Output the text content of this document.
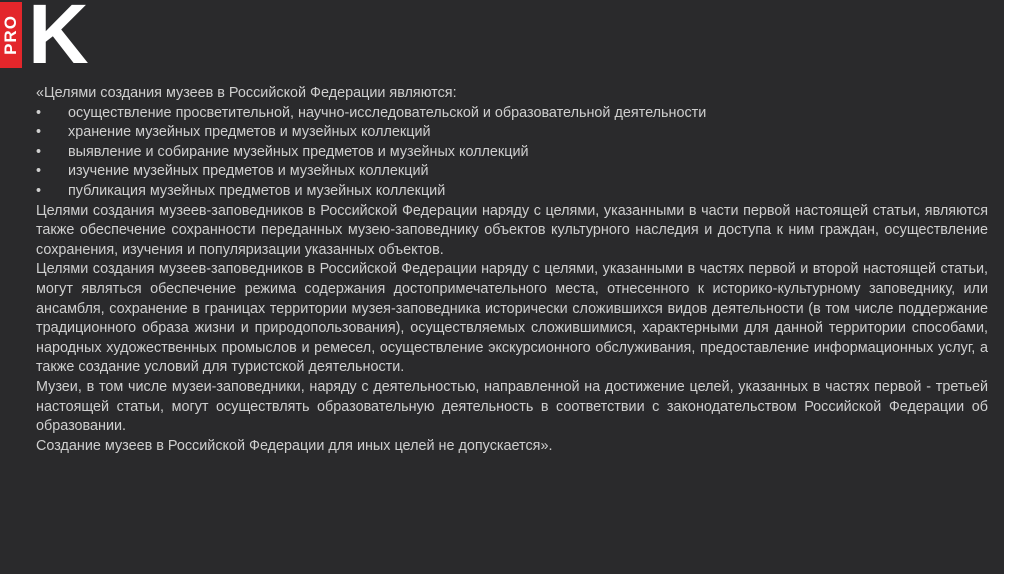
PRO K

«Целями создания музеев в Российской Федерации являются:

•	осуществление просветительной, научно-исследовательской и образовательной деятельности
•	хранение музейных предметов и музейных коллекций
•	выявление и собирание музейных предметов и музейных коллекций
•	изучение музейных предметов и музейных коллекций
•	публикация музейных предметов и музейных коллекций

Целями создания музеев-заповедников в Российской Федерации наряду с целями, указанными в части первой настоящей статьи, являются также обеспечение сохранности переданных музею-заповеднику объектов культурного наследия и доступа к ним граждан, осуществление сохранения, изучения и популяризации указанных объектов.

Целями создания музеев-заповедников в Российской Федерации наряду с целями, указанными в частях первой и второй настоящей статьи, могут являться обеспечение режима содержания достопримечательного места, отнесенного к историко-культурному заповеднику, или ансамбля, сохранение в границах территории музея-заповедника исторически сложившихся видов деятельности (в том числе поддержание традиционного образа жизни и природопользования), осуществляемых сложившимися, характерными для данной территории способами, народных художественных промыслов и ремесел, осуществление экскурсионного обслуживания, предоставление информационных услуг, а также создание условий для туристской деятельности.

Музеи, в том числе музеи-заповедники, наряду с деятельностью, направленной на достижение целей, указанных в частях первой - третьей настоящей статьи, могут осуществлять образовательную деятельность в соответствии с законодательством Российской Федерации об образовании.

Создание музеев в Российской Федерации для иных целей не допускается».
